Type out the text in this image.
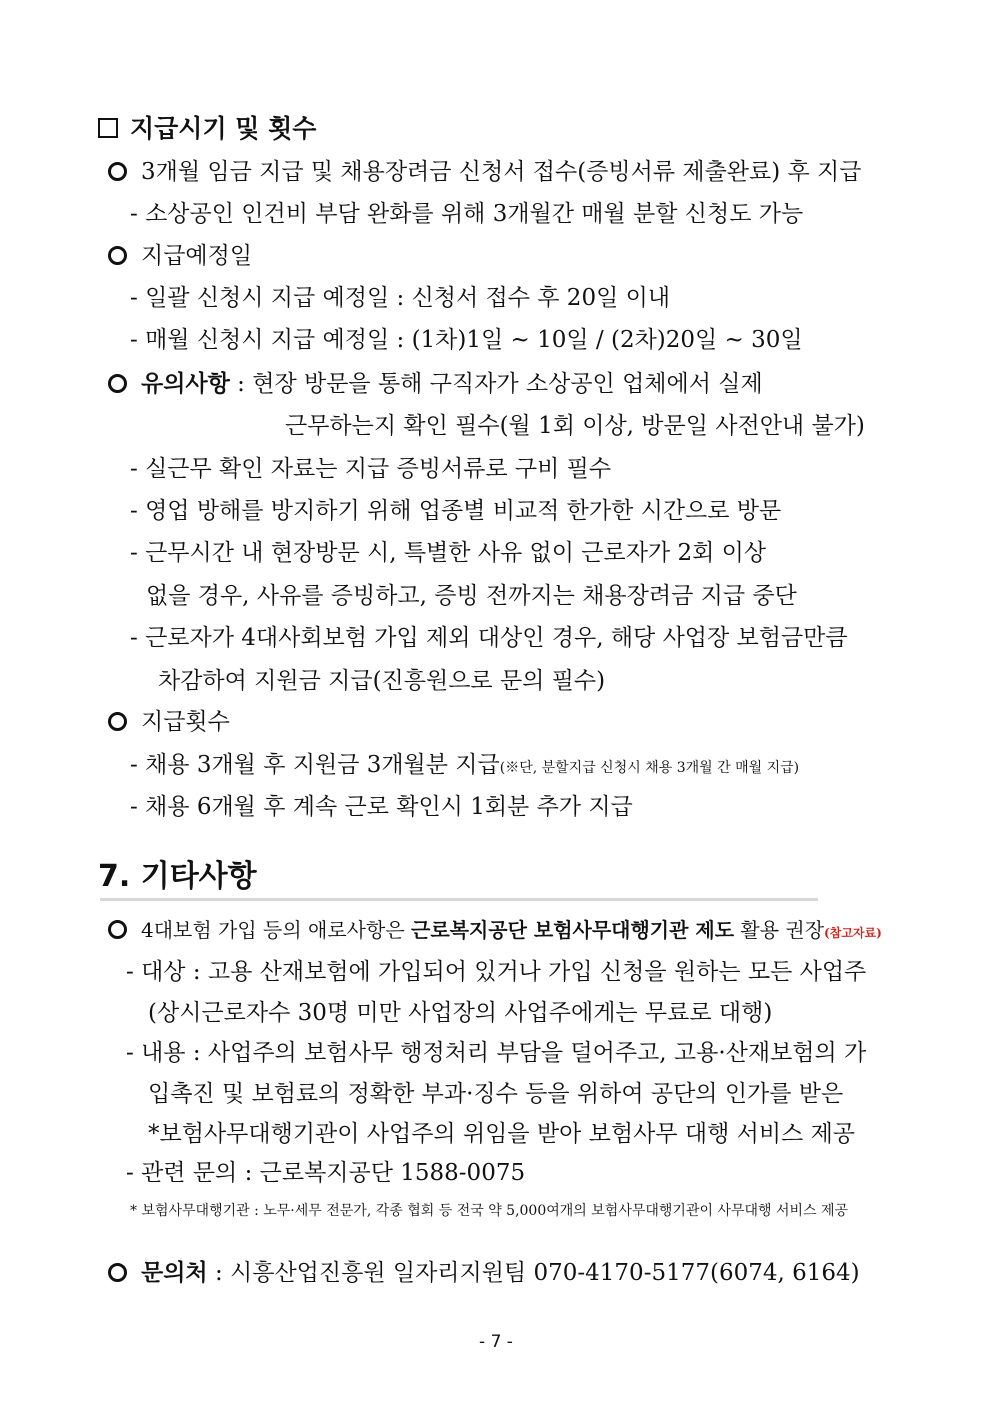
지급시기 및 횟수
3개월 임금 지급 및 채용장려금 신청서 접수(증빙서류 제출완료) 후 지급
- 소상공인 인건비 부담 완화를 위해 3개월간 매월 분할 신청도 가능
지급예정일
- 일괄 신청시 지급 예정일 : 신청서 접수 후 20일 이내
- 매월 신청시 지급 예정일 : (1차)1일 ~ 10일 / (2차)20일 ~ 30일
유의사항 : 현장 방문을 통해 구직자가 소상공인 업체에서 실제
근무하는지 확인 필수(월 1회 이상, 방문일 사전안내 불가)
- 실근무 확인 자료는 지급 증빙서류로 구비 필수
- 영업 방해를 방지하기 위해 업종별 비교적 한가한 시간으로 방문
- 근무시간 내 현장방문 시, 특별한 사유 없이 근로자가 2회 이상
없을 경우, 사유를 증빙하고, 증빙 전까지는 채용장려금 지급 중단
- 근로자가 4대사회보험 가입 제외 대상인 경우, 해당 사업장 보험금만큼
차감하여 지원금 지급(진흥원으로 문의 필수)
지급횟수
- 채용 3개월 후 지원금 3개월분 지급(※단, 분할지급 신청시 채용 3개월 간 매월 지급)
- 채용 6개월 후 계속 근로 확인시 1회분 추가 지급
7. 기타사항
4대보험 가입 등의 애로사항은 근로복지공단 보험사무대행기관 제도 활용 권장(참고자료)
- 대상 : 고용 산재보험에 가입되어 있거나 가입 신청을 원하는 모든 사업주
(상시근로자수 30명 미만 사업장의 사업주에게는 무료로 대행)
- 내용 : 사업주의 보험사무 행정처리 부담을 덜어주고, 고용·산재보험의 가
입촉진 및 보험료의 정확한 부과·징수 등을 위하여 공단의 인가를 받은
*보험사무대행기관이 사업주의 위임을 받아 보험사무 대행 서비스 제공
- 관련 문의 : 근로복지공단 1588-0075
* 보험사무대행기관 : 노무·세무 전문가, 각종 협회 등 전국 약 5,000여개의 보험사무대행기관이 사무대행 서비스 제공
문의처 : 시흥산업진흥원 일자리지원팀 070-4170-5177(6074, 6164)
- 7 -
